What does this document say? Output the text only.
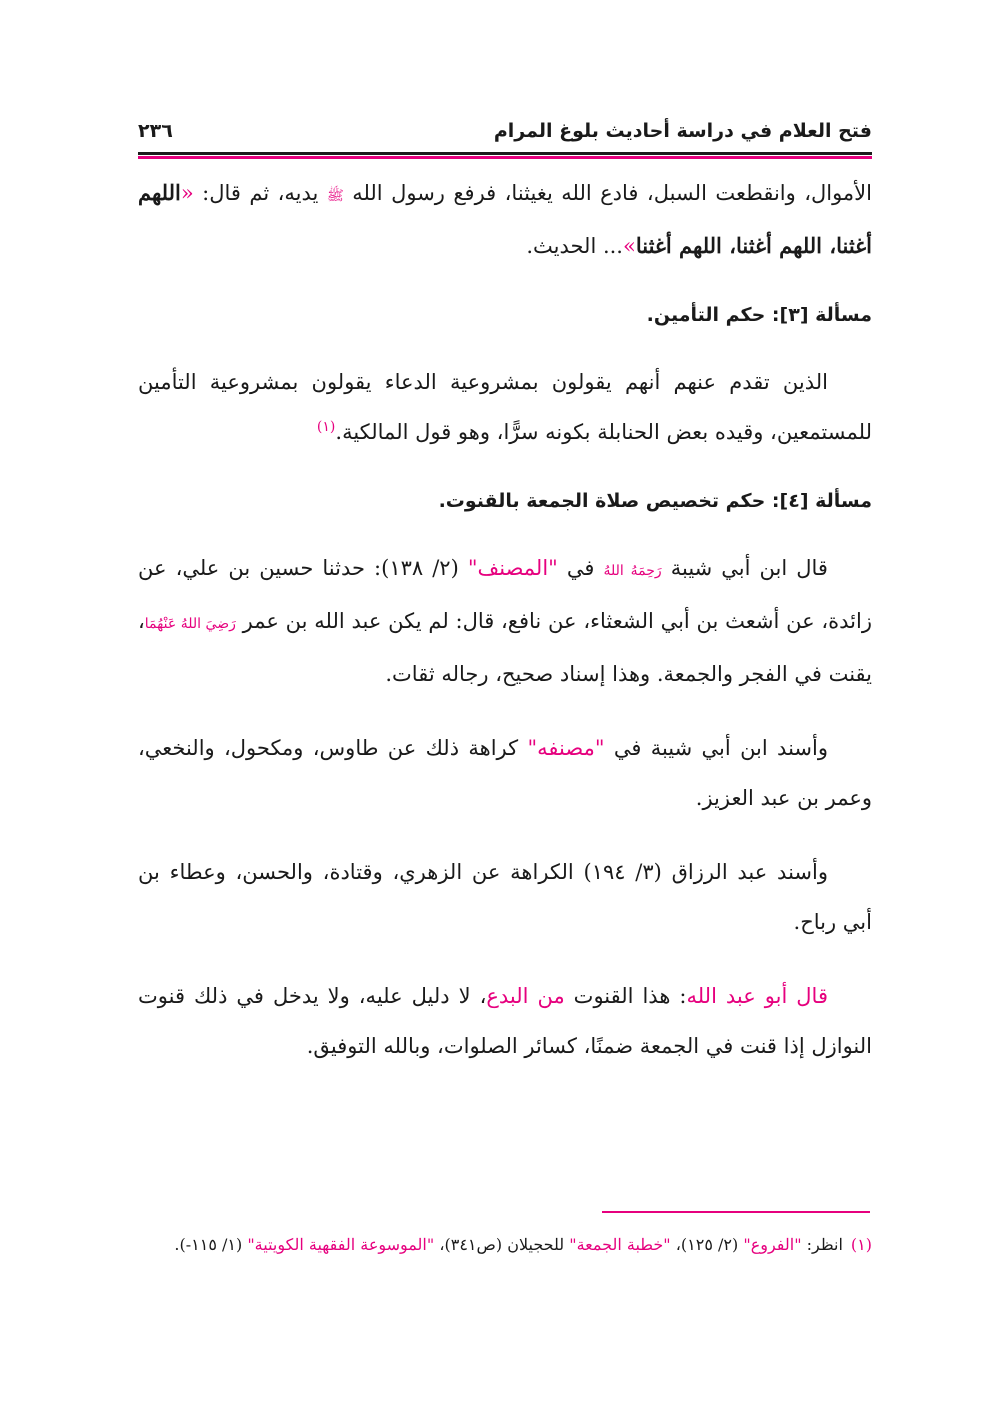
فتح العلام في دراسة أحاديث بلوغ المرام
٢٣٦

الأموال، وانقطعت السبل، فادع الله يغيثنا، فرفع رسول الله ﷺ يديه، ثم قال: «اللهم أغثنا، اللهم أغثنا، اللهم أغثنا»... الحديث.

مسألة [٣]: حكم التأمين.

الذين تقدم عنهم أنهم يقولون بمشروعية الدعاء يقولون بمشروعية التأمين للمستمعين، وقيده بعض الحنابلة بكونه سرًّا، وهو قول المالكية.$^{(١)}$

مسألة [٤]: حكم تخصيص صلاة الجمعة بالقنوت.

قال ابن أبي شيبة رَحِمَهُ اللهُ في "المصنف" (٢/ ١٣٨): حدثنا حسين بن علي، عن زائدة، عن أشعث بن أبي الشعثاء، عن نافع، قال: لم يكن عبد الله بن عمر رَضِيَ اللهُ عَنْهُمَا، يقنت في الفجر والجمعة. وهذا إسناد صحيح، رجاله ثقات.

وأسند ابن أبي شيبة في "مصنفه" كراهة ذلك عن طاوس، ومكحول، والنخعي، وعمر بن عبد العزيز.

وأسند عبد الرزاق (٣/ ١٩٤) الكراهة عن الزهري، وقتادة، والحسن، وعطاء بن أبي رباح.

قال أبو عبد الله: هذا القنوت من البدع، لا دليل عليه، ولا يدخل في ذلك قنوت النوازل إذا قنت في الجمعة ضمنًا، كسائر الصلوات، وبالله التوفيق.

(١)انظر: "الفروع" (٢/ ١٢٥)، "خطبة الجمعة" للحجيلان (ص٣٤١)، "الموسوعة الفقهية الكويتية" (١/ ١١٥-).
